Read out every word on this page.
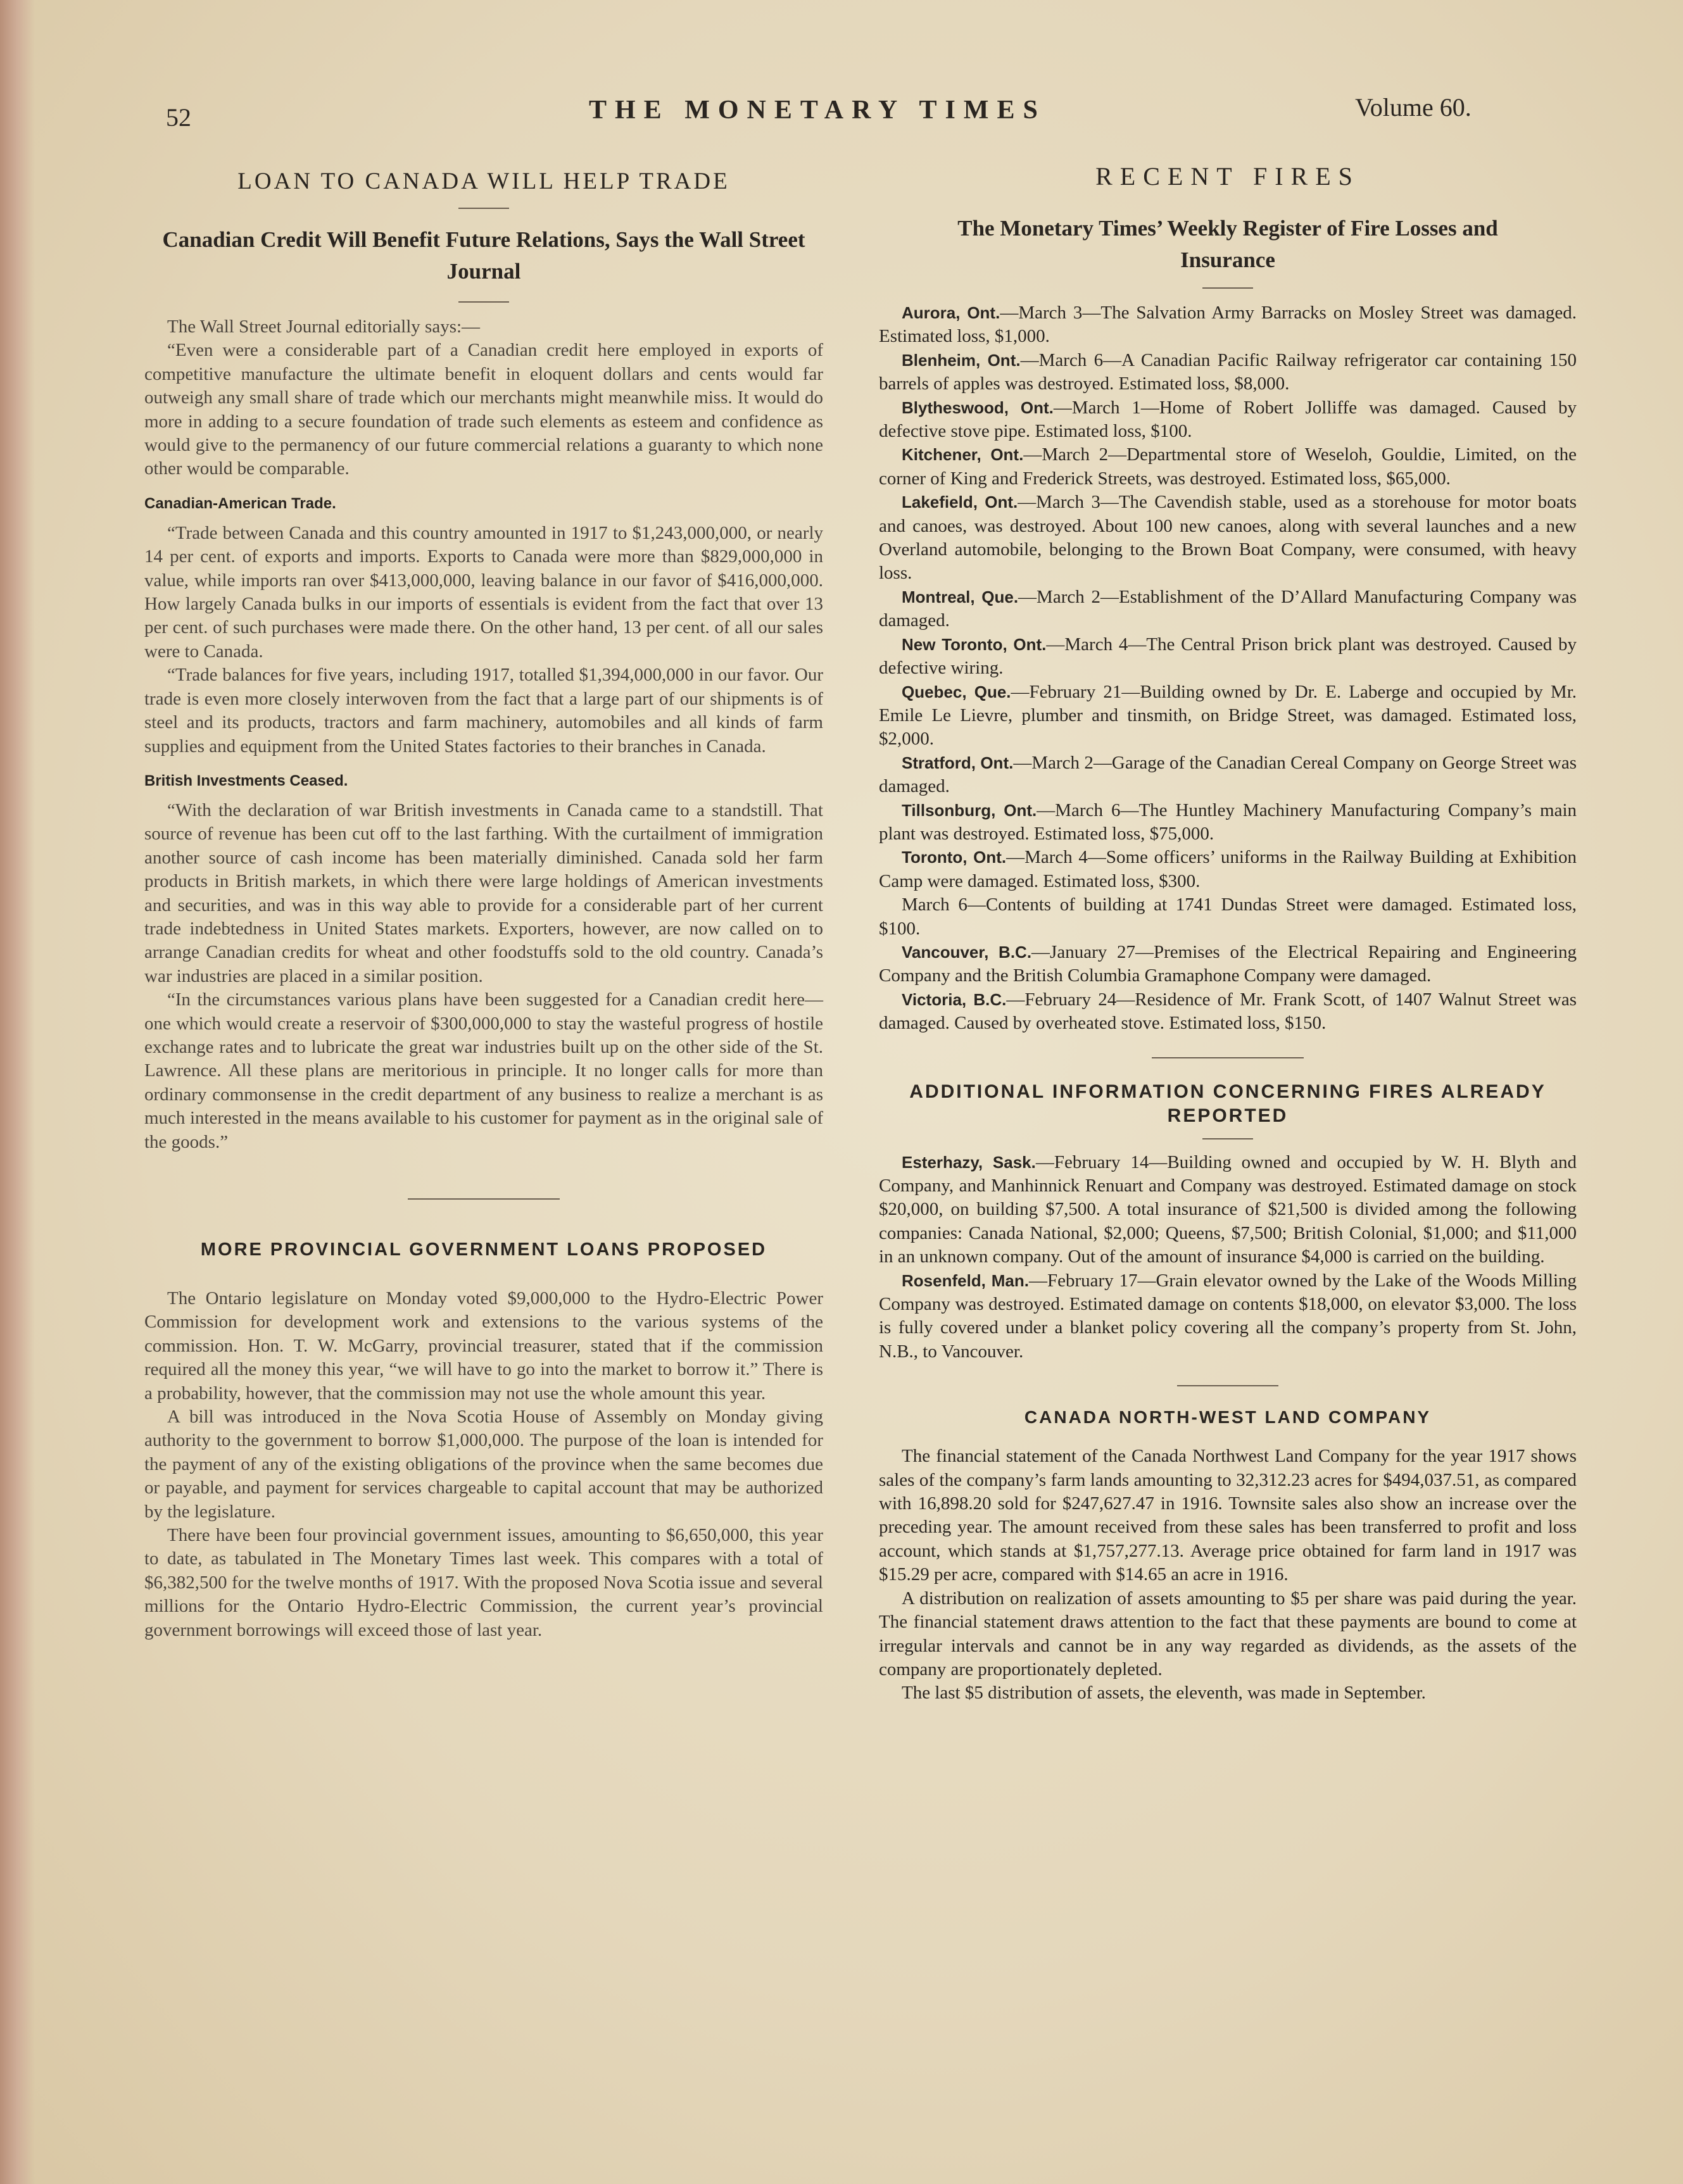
52	THE MONETARY TIMES	Volume 60.
LOAN TO CANADA WILL HELP TRADE
Canadian Credit Will Benefit Future Relations, Says the Wall Street Journal

The Wall Street Journal editorially says:—

“Even were a considerable part of a Canadian credit here employed in exports of competitive manufacture the ultimate benefit in eloquent dollars and cents would far outweigh any small share of trade which our merchants might meanwhile miss. It would do more in adding to a secure foundation of trade such elements as esteem and confidence as would give to the permanency of our future commercial relations a guaranty to which none other would be comparable.

Canadian-American Trade.

“Trade between Canada and this country amounted in 1917 to $1,243,000,000, or nearly 14 per cent. of exports and imports. Exports to Canada were more than $829,000,000 in value, while imports ran over $413,000,000, leaving balance in our favor of $416,000,000. How largely Canada bulks in our imports of essentials is evident from the fact that over 13 per cent. of such purchases were made there. On the other hand, 13 per cent. of all our sales were to Canada.

“Trade balances for five years, including 1917, totalled $1,394,000,000 in our favor. Our trade is even more closely interwoven from the fact that a large part of our shipments is of steel and its products, tractors and farm machinery, automobiles and all kinds of farm supplies and equipment from the United States factories to their branches in Canada.

British Investments Ceased.

“With the declaration of war British investments in Canada came to a standstill. That source of revenue has been cut off to the last farthing. With the curtailment of immigration another source of cash income has been materially diminished. Canada sold her farm products in British markets, in which there were large holdings of American investments and securities, and was in this way able to provide for a considerable part of her current trade indebtedness in United States markets. Exporters, however, are now called on to arrange Canadian credits for wheat and other foodstuffs sold to the old country. Canada’s war industries are placed in a similar position.

“In the circumstances various plans have been suggested for a Canadian credit here—one which would create a reservoir of $300,000,000 to stay the wasteful progress of hostile exchange rates and to lubricate the great war industries built up on the other side of the St. Lawrence. All these plans are meritorious in principle. It no longer calls for more than ordinary commonsense in the credit department of any business to realize a merchant is as much interested in the means available to his customer for payment as in the original sale of the goods.”

MORE PROVINCIAL GOVERNMENT LOANS PROPOSED

The Ontario legislature on Monday voted $9,000,000 to the Hydro-Electric Power Commission for development work and extensions to the various systems of the commission. Hon. T. W. McGarry, provincial treasurer, stated that if the commission required all the money this year, “we will have to go into the market to borrow it.” There is a probability, however, that the commission may not use the whole amount this year.

A bill was introduced in the Nova Scotia House of Assembly on Monday giving authority to the government to borrow $1,000,000. The purpose of the loan is intended for the payment of any of the existing obligations of the province when the same becomes due or payable, and payment for services chargeable to capital account that may be authorized by the legislature.

There have been four provincial government issues, amounting to $6,650,000, this year to date, as tabulated in The Monetary Times last week. This compares with a total of $6,382,500 for the twelve months of 1917. With the proposed Nova Scotia issue and several millions for the Ontario Hydro-Electric Commission, the current year’s provincial government borrowings will exceed those of last year.

RECENT FIRES
The Monetary Times’ Weekly Register of Fire Losses and Insurance

Aurora, Ont.—March 3—The Salvation Army Barracks on Mosley Street was damaged. Estimated loss, $1,000.

Blenheim, Ont.—March 6—A Canadian Pacific Railway refrigerator car containing 150 barrels of apples was destroyed. Estimated loss, $8,000.

Blytheswood, Ont.—March 1—Home of Robert Jolliffe was damaged. Caused by defective stove pipe. Estimated loss, $100.

Kitchener, Ont.—March 2—Departmental store of Weseloh, Gouldie, Limited, on the corner of King and Frederick Streets, was destroyed. Estimated loss, $65,000.

Lakefield, Ont.—March 3—The Cavendish stable, used as a storehouse for motor boats and canoes, was destroyed. About 100 new canoes, along with several launches and a new Overland automobile, belonging to the Brown Boat Company, were consumed, with heavy loss.

Montreal, Que.—March 2—Establishment of the D’Allard Manufacturing Company was damaged.

New Toronto, Ont.—March 4—The Central Prison brick plant was destroyed. Caused by defective wiring.

Quebec, Que.—February 21—Building owned by Dr. E. Laberge and occupied by Mr. Emile Le Lievre, plumber and tinsmith, on Bridge Street, was damaged. Estimated loss, $2,000.

Stratford, Ont.—March 2—Garage of the Canadian Cereal Company on George Street was damaged.

Tillsonburg, Ont.—March 6—The Huntley Machinery Manufacturing Company’s main plant was destroyed. Estimated loss, $75,000.

Toronto, Ont.—March 4—Some officers’ uniforms in the Railway Building at Exhibition Camp were damaged. Estimated loss, $300.

March 6—Contents of building at 1741 Dundas Street were damaged. Estimated loss, $100.

Vancouver, B.C.—January 27—Premises of the Electrical Repairing and Engineering Company and the British Columbia Gramaphone Company were damaged.

Victoria, B.C.—February 24—Residence of Mr. Frank Scott, of 1407 Walnut Street was damaged. Caused by overheated stove. Estimated loss, $150.

ADDITIONAL INFORMATION CONCERNING FIRES ALREADY REPORTED

Esterhazy, Sask.—February 14—Building owned and occupied by W. H. Blyth and Company, and Manhinnick Renuart and Company was destroyed. Estimated damage on stock $20,000, on building $7,500. A total insurance of $21,500 is divided among the following companies: Canada National, $2,000; Queens, $7,500; British Colonial, $1,000; and $11,000 in an unknown company. Out of the amount of insurance $4,000 is carried on the building.

Rosenfeld, Man.—February 17—Grain elevator owned by the Lake of the Woods Milling Company was destroyed. Estimated damage on contents $18,000, on elevator $3,000. The loss is fully covered under a blanket policy covering all the company’s property from St. John, N.B., to Vancouver.

CANADA NORTH-WEST LAND COMPANY

The financial statement of the Canada Northwest Land Company for the year 1917 shows sales of the company’s farm lands amounting to 32,312.23 acres for $494,037.51, as compared with 16,898.20 sold for $247,627.47 in 1916. Townsite sales also show an increase over the preceding year. The amount received from these sales has been transferred to profit and loss account, which stands at $1,757,277.13. Average price obtained for farm land in 1917 was $15.29 per acre, compared with $14.65 an acre in 1916.

A distribution on realization of assets amounting to $5 per share was paid during the year. The financial statement draws attention to the fact that these payments are bound to come at irregular intervals and cannot be in any way regarded as dividends, as the assets of the company are proportionately depleted.

The last $5 distribution of assets, the eleventh, was made in September.
